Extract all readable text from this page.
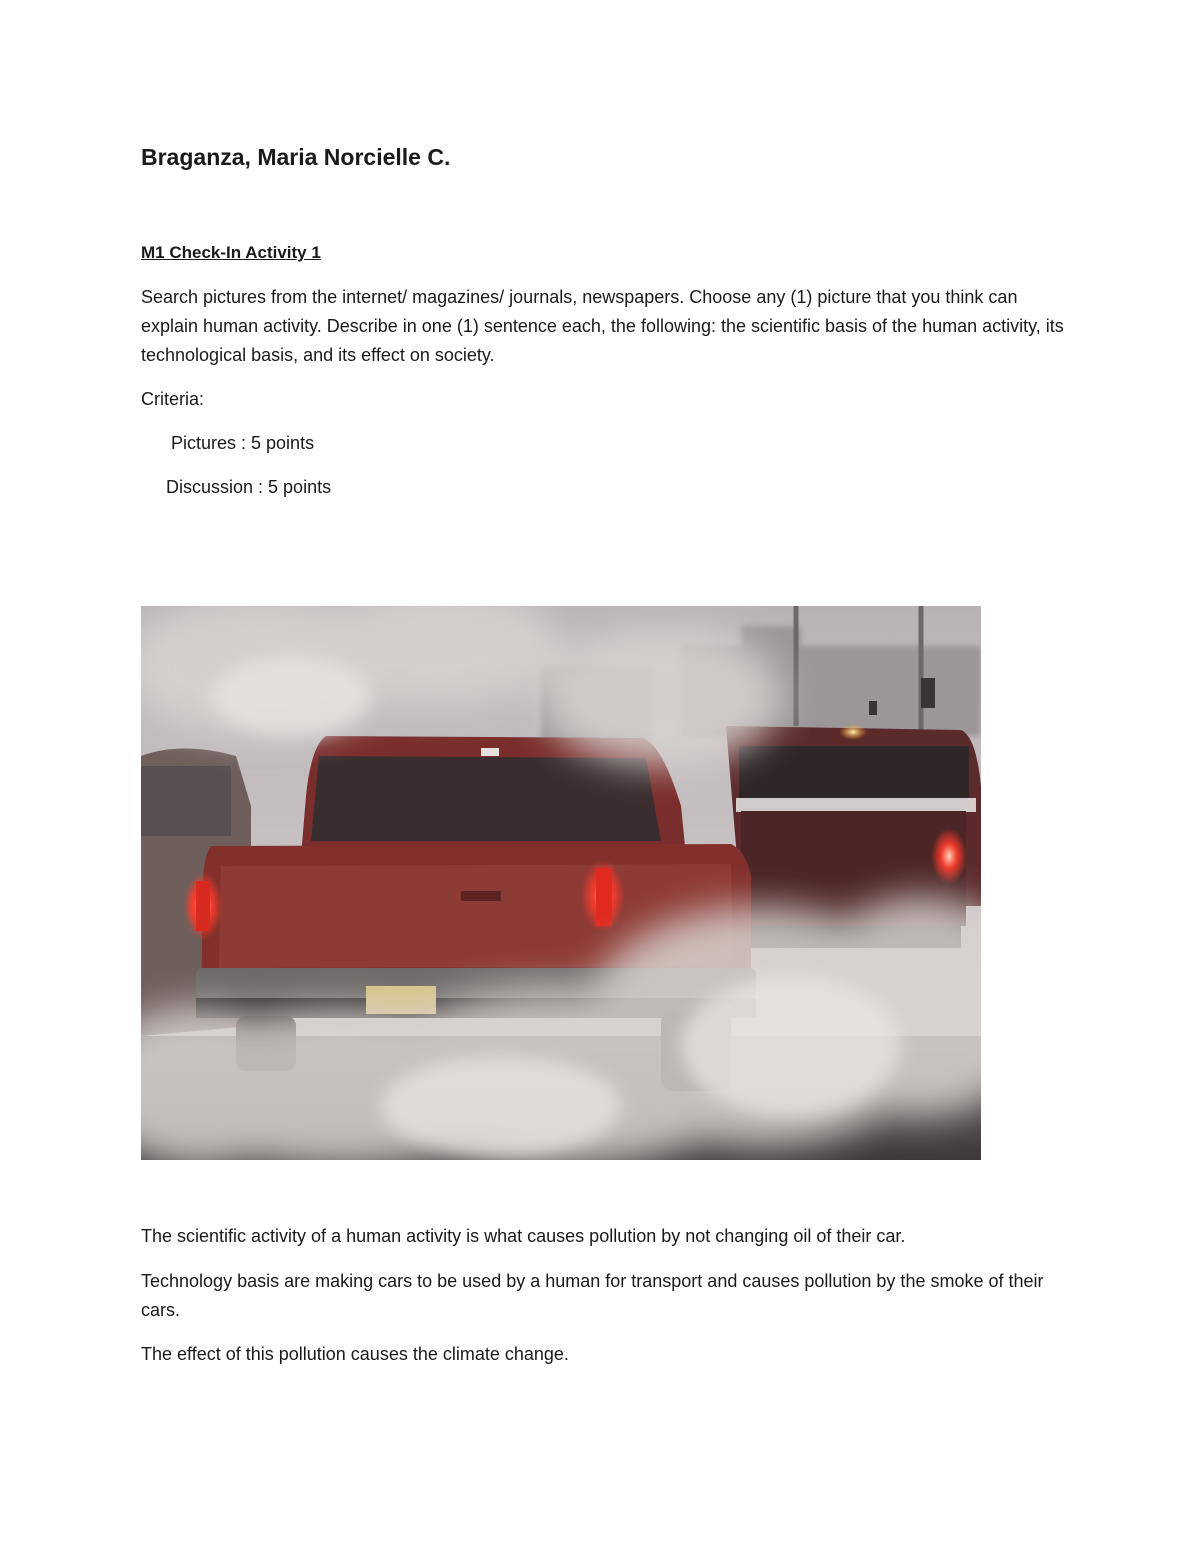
Braganza, Maria Norcielle C.
M1 Check-In Activity 1

Search pictures from the internet/ magazines/ journals, newspapers. Choose any (1) picture that you think can explain human activity. Describe in one (1) sentence each, the following: the scientific basis of the human activity, its technological basis, and its effect on society.

Criteria:

Pictures : 5 points

Discussion : 5 points

The scientific activity of a human activity is what causes pollution by not changing oil of their car.

Technology basis are making cars to be used by a human for transport and causes pollution by the smoke of their cars.

The effect of this pollution causes the climate change.
